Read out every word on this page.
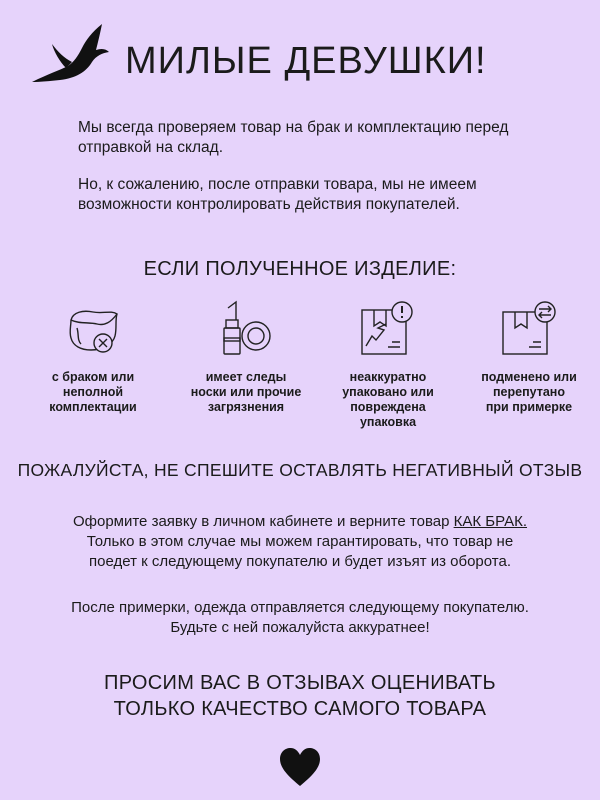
МИЛЫЕ ДЕВУШКИ!

Мы всегда проверяем товар на брак и комплектацию перед отправкой на склад.

Но, к сожалению, после отправки товара, мы не имеем возможности контролировать действия покупателей.

ЕСЛИ ПОЛУЧЕННОЕ ИЗДЕЛИЕ:
с браком или
неполной
комплектации
имеет следы
носки или прочие
загрязнения
неаккуратно
упаковано или
повреждена
упаковка
подменено или
перепутано
при примерке
ПОЖАЛУЙСТА, НЕ СПЕШИТЕ ОСТАВЛЯТЬ НЕГАТИВНЫЙ ОТЗЫВ

Оформите заявку в личном кабинете и верните товар КАК БРАК.

Только в этом случае мы можем гарантировать, что товар не

поедет к следующему покупателю и будет изъят из оборота.

После примерки, одежда отправляется следующему покупателю.

Будьте с ней пожалуйста аккуратнее!

ПРОСИМ ВАС В ОТЗЫВАХ ОЦЕНИВАТЬ
ТОЛЬКО КАЧЕСТВО САМОГО ТОВАРА
